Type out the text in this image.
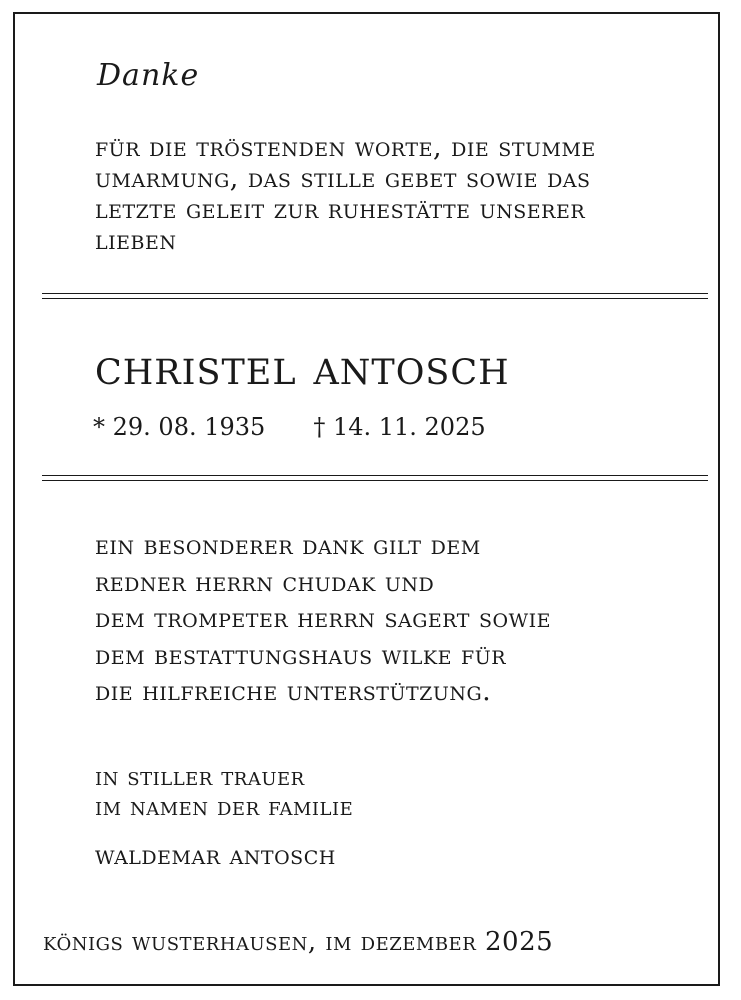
Danke
für die tröstenden worte, die stumme
umarmung, das stille gebet sowie das
letzte geleit zur ruhestätte unserer
lieben
christel antosch
* 29. 08. 1935 † 14. 11. 2025
ein besonderer dank gilt dem
redner herrn chudak und
dem trompeter herrn sagert sowie
dem bestattungshaus wilke für
die hilfreiche unterstützung.
in stiller trauer
im namen der familie
waldemar antosch
königs wusterhausen, im dezember 2025
